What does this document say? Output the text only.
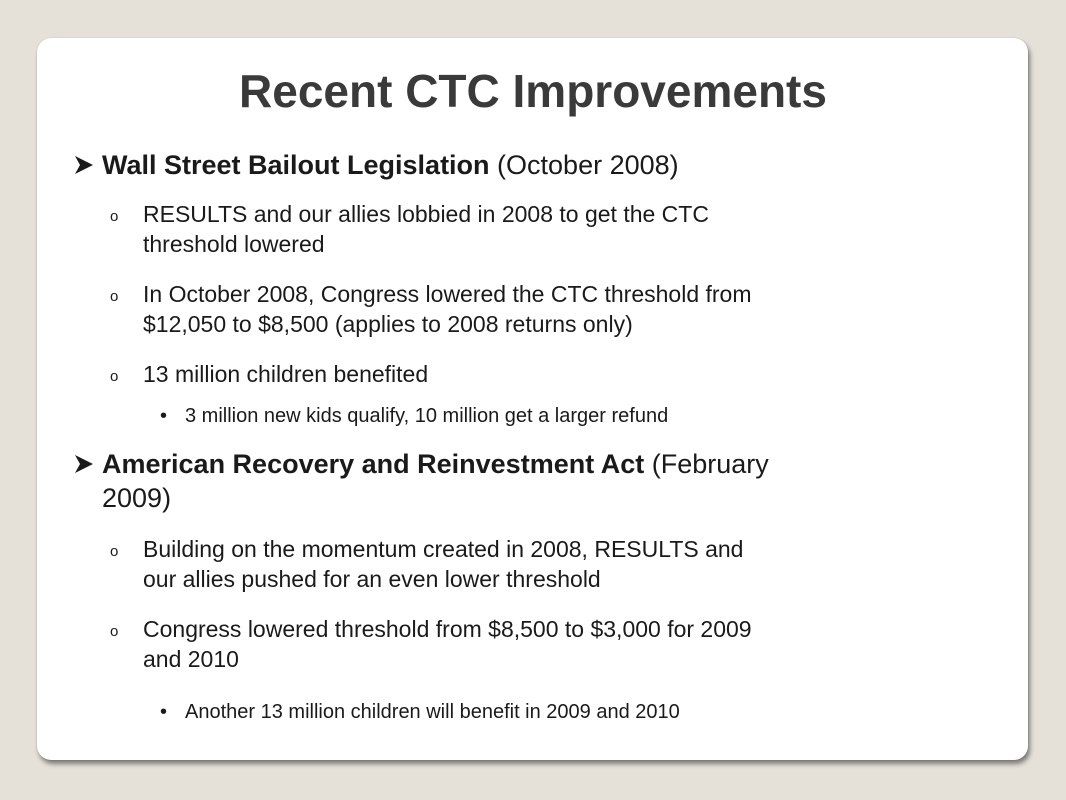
Recent CTC Improvements
Wall Street Bailout Legislation (October 2008)
o RESULTS and our allies lobbied in 2008 to get the CTC
threshold lowered
o In October 2008, Congress lowered the CTC threshold from
$12,050 to $8,500 (applies to 2008 returns only)
o 13 million children benefited
• 3 million new kids qualify, 10 million get a larger refund
American Recovery and Reinvestment Act (February
2009)
o Building on the momentum created in 2008, RESULTS and
our allies pushed for an even lower threshold
o Congress lowered threshold from $8,500 to $3,000 for 2009
and 2010
• Another 13 million children will benefit in 2009 and 2010
